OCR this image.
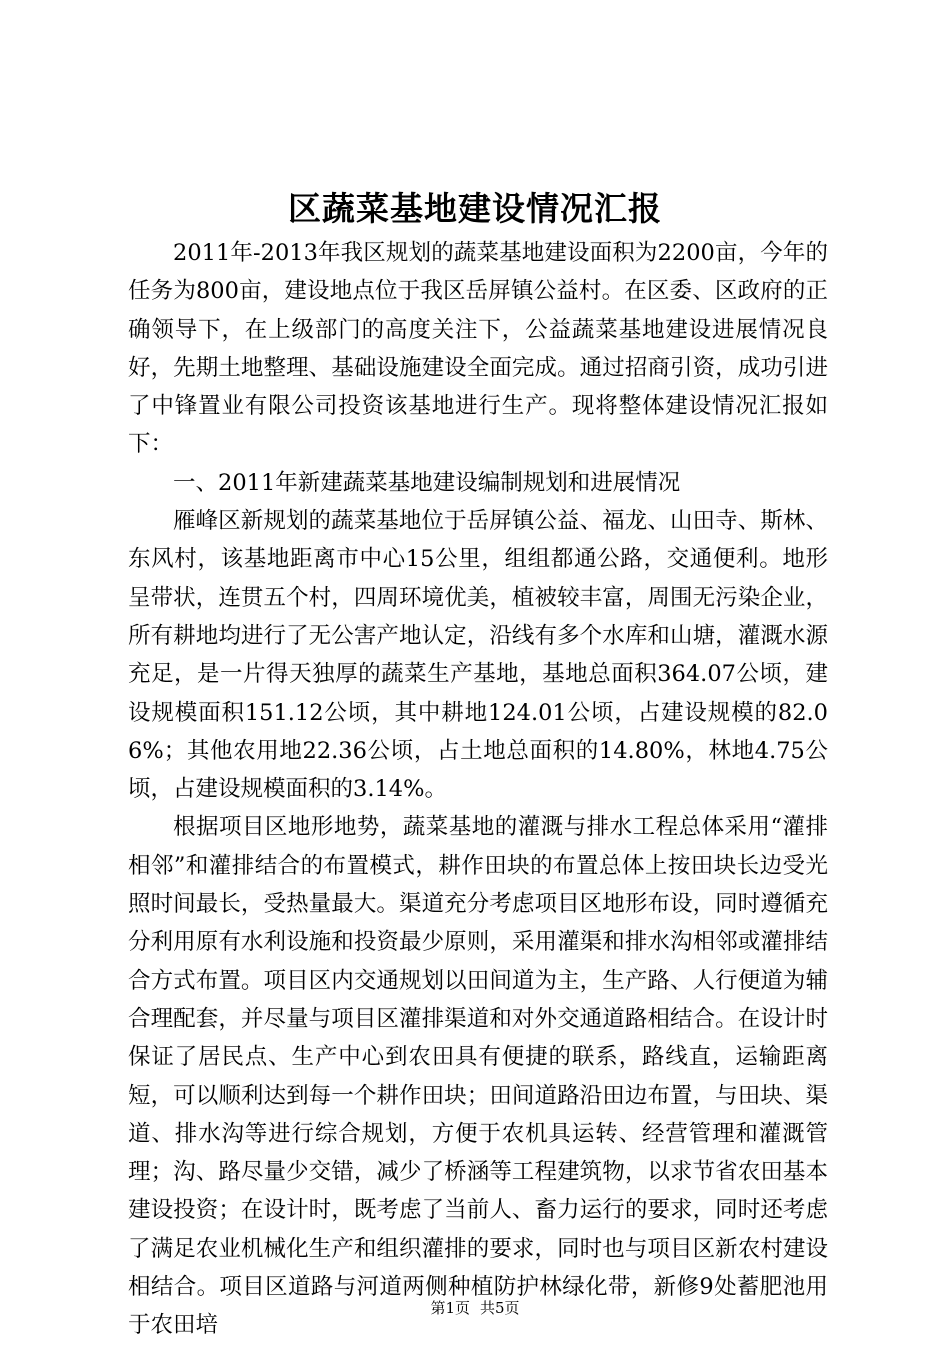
区蔬菜基地建设情况汇报

2011年-2013年我区规划的蔬菜基地建设面积为2200亩，今年的任务为800亩，建设地点位于我区岳屏镇公益村。在区委、区政府的正确领导下，在上级部门的高度关注下，公益蔬菜基地建设进展情况良好，先期土地整理、基础设施建设全面完成。通过招商引资，成功引进了中锋置业有限公司投资该基地进行生产。现将整体建设情况汇报如下：

一、2011年新建蔬菜基地建设编制规划和进展情况

雁峰区新规划的蔬菜基地位于岳屏镇公益、福龙、山田寺、斯林、东风村，该基地距离市中心15公里，组组都通公路，交通便利。地形呈带状，连贯五个村，四周环境优美，植被较丰富，周围无污染企业，所有耕地均进行了无公害产地认定，沿线有多个水库和山塘，灌溉水源充足，是一片得天独厚的蔬菜生产基地，基地总面积364.07公顷，建设规模面积151.12公顷，其中耕地124.01公顷，占建设规模的82.06%；其他农用地22.36公顷，占土地总面积的14.80%，林地4.75公顷，占建设规模面积的3.14%。

根据项目区地形地势，蔬菜基地的灌溉与排水工程总体采用“灌排相邻”和灌排结合的布置模式，耕作田块的布置总体上按田块长边受光照时间最长，受热量最大。渠道充分考虑项目区地形布设，同时遵循充分利用原有水利设施和投资最少原则，采用灌渠和排水沟相邻或灌排结合方式布置。项目区内交通规划以田间道为主，生产路、人行便道为辅合理配套，并尽量与项目区灌排渠道和对外交通道路相结合。在设计时保证了居民点、生产中心到农田具有便捷的联系，路线直，运输距离短，可以顺利达到每一个耕作田块；田间道路沿田边布置，与田块、渠道、排水沟等进行综合规划，方便于农机具运转、经营管理和灌溉管理；沟、路尽量少交错，减少了桥涵等工程建筑物，以求节省农田基本建设投资；在设计时，既考虑了当前人、畜力运行的要求，同时还考虑了满足农业机械化生产和组织灌排的要求，同时也与项目区新农村建设相结合。项目区道路与河道两侧种植防护林绿化带，新修9处蓄肥池用于农田培

第1页 共5页
